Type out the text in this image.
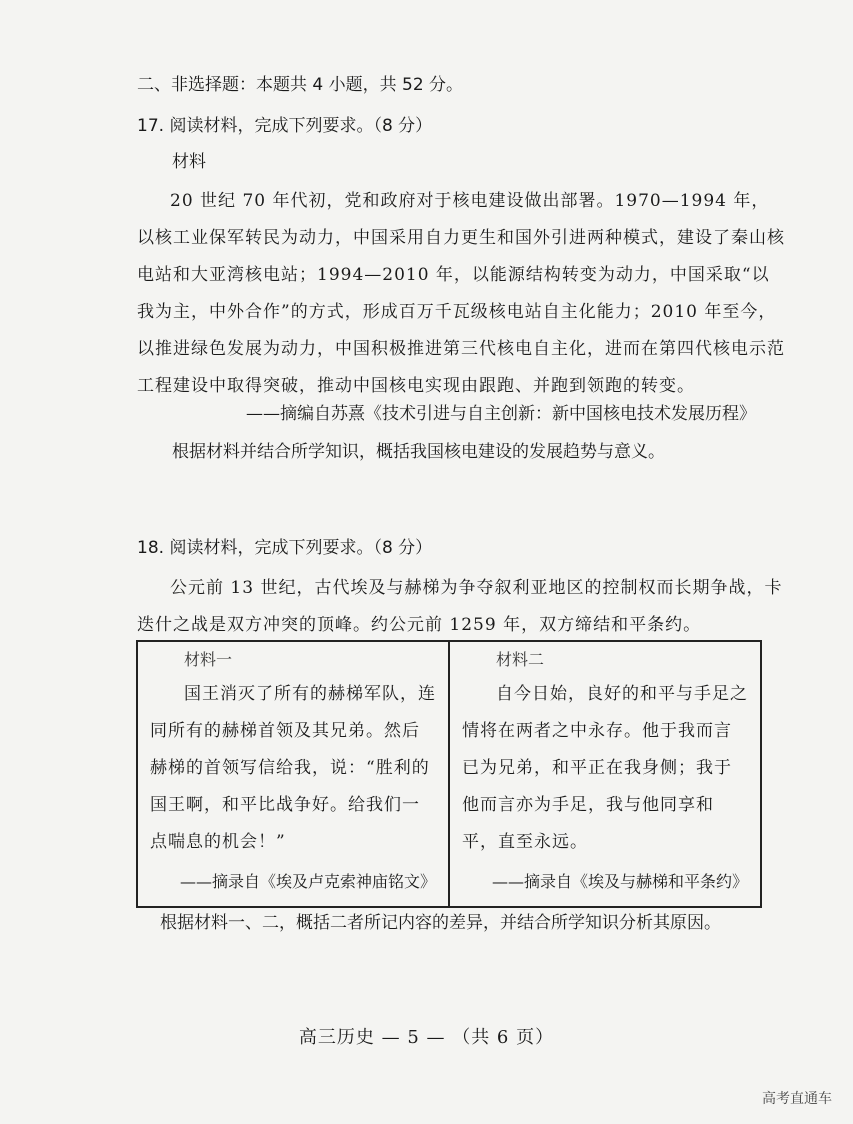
二、非选择题：本题共 4 小题，共 52 分。
17. 阅读材料，完成下列要求。（8 分）
材料
20 世纪 70 年代初，党和政府对于核电建设做出部署。1970—1994 年，以核工业保军转民为动力，中国采用自力更生和国外引进两种模式，建设了秦山核电站和大亚湾核电站；1994—2010 年，以能源结构转变为动力，中国采取“以我为主，中外合作”的方式，形成百万千瓦级核电站自主化能力；2010 年至今，以推进绿色发展为动力，中国积极推进第三代核电自主化，进而在第四代核电示范工程建设中取得突破，推动中国核电实现由跟跑、并跑到领跑的转变。
——摘编自苏熹《技术引进与自主创新：新中国核电技术发展历程》
根据材料并结合所学知识，概括我国核电建设的发展趋势与意义。
18. 阅读材料，完成下列要求。（8 分）
公元前 13 世纪，古代埃及与赫梯为争夺叙利亚地区的控制权而长期争战，卡迭什之战是双方冲突的顶峰。约公元前 1259 年，双方缔结和平条约。
材料一
国王消灭了所有的赫梯军队，连同所有的赫梯首领及其兄弟。然后赫梯的首领写信给我，说：“胜利的国王啊，和平比战争好。给我们一点喘息的机会！”
——摘录自《埃及卢克索神庙铭文》
材料二
自今日始，良好的和平与手足之情将在两者之中永存。他于我而言已为兄弟，和平正在我身侧；我于他而言亦为手足，我与他同享和平，直至永远。
——摘录自《埃及与赫梯和平条约》
根据材料一、二，概括二者所记内容的差异，并结合所学知识分析其原因。
高三历史 — 5 — （共 6 页）
高考直通车
